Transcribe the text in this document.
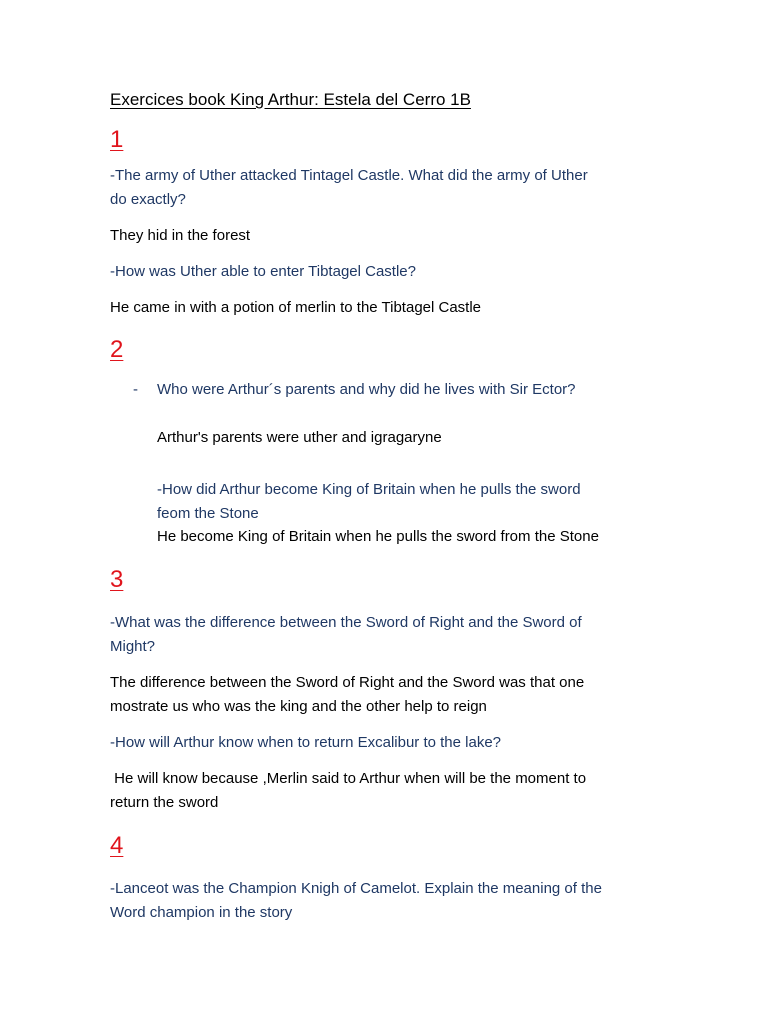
Exercices book King Arthur: Estela del Cerro 1B
1
-The army of Uther attacked Tintagel Castle. What did the army of Uther
do exactly?
They hid in the forest
-How was Uther able to enter Tibtagel Castle?
He came in with a potion of merlin to the Tibtagel Castle
2
- Who were Arthur´s parents and why did he lives with Sir Ector?
Arthur's parents were uther and igragaryne
-How did Arthur become King of Britain when he pulls the sword
feom the Stone
He become King of Britain when he pulls the sword from the Stone
3
-What was the difference between the Sword of Right and the Sword of
Might?
The difference between the Sword of Right and the Sword was that one
mostrate us who was the king and the other help to reign
-How will Arthur know when to return Excalibur to the lake?
He will know because ,Merlin said to Arthur when will be the moment to
return the sword
4
-Lanceot was the Champion Knigh of Camelot. Explain the meaning of the
Word champion in the story
